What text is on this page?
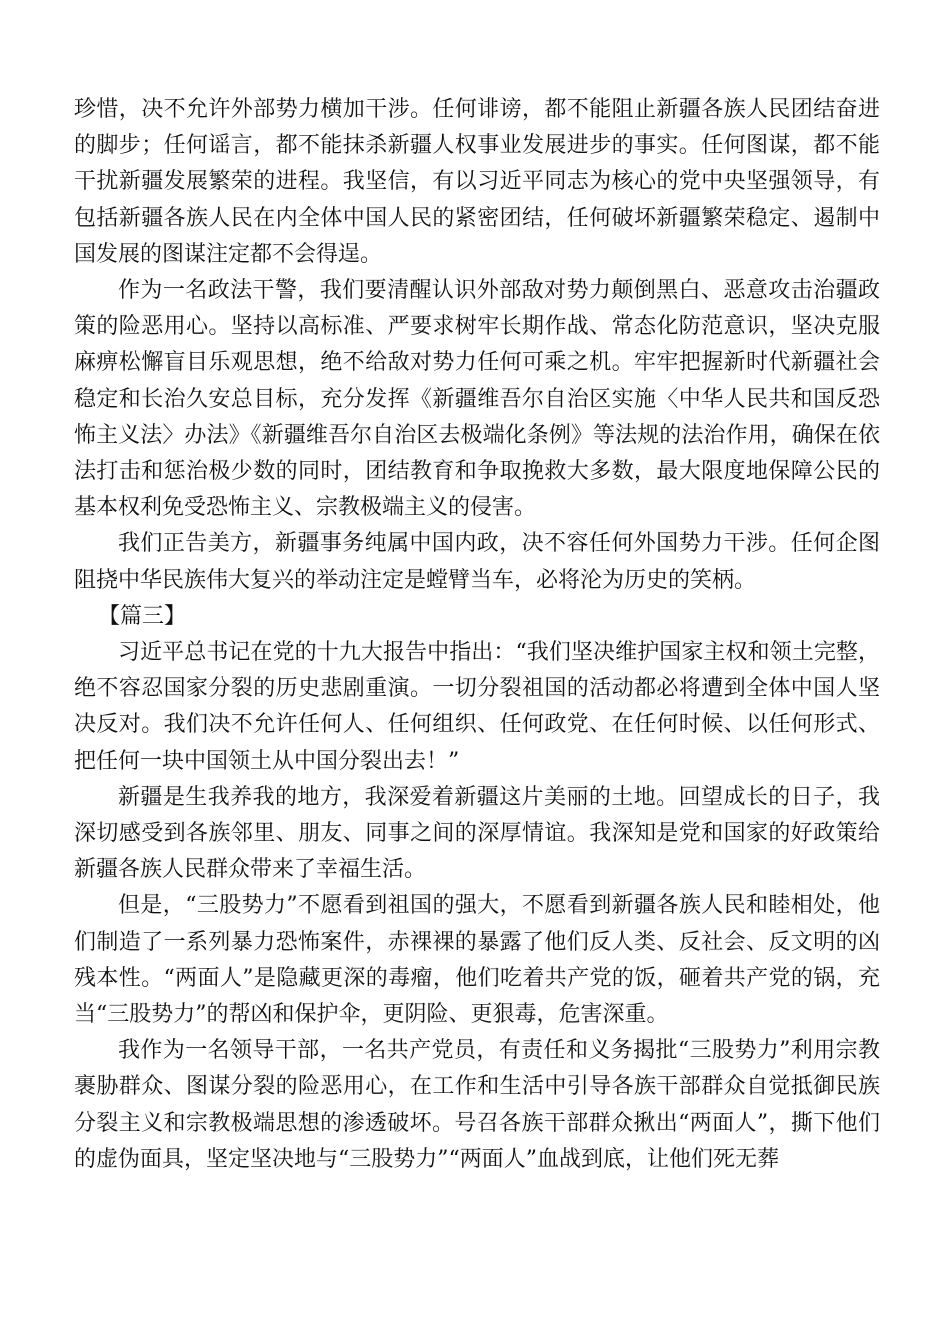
珍惜，决不允许外部势力横加干涉。任何诽谤，都不能阻止新疆各族人民团结奋进的脚步；任何谣言，都不能抹杀新疆人权事业发展进步的事实。任何图谋，都不能干扰新疆发展繁荣的进程。我坚信，有以习近平同志为核心的党中央坚强领导，有包括新疆各族人民在内全体中国人民的紧密团结，任何破坏新疆繁荣稳定、遏制中国发展的图谋注定都不会得逞。

作为一名政法干警，我们要清醒认识外部敌对势力颠倒黑白、恶意攻击治疆政策的险恶用心。坚持以高标准、严要求树牢长期作战、常态化防范意识，坚决克服麻痹松懈盲目乐观思想，绝不给敌对势力任何可乘之机。牢牢把握新时代新疆社会稳定和长治久安总目标，充分发挥《新疆维吾尔自治区实施〈中华人民共和国反恐怖主义法〉办法》《新疆维吾尔自治区去极端化条例》等法规的法治作用，确保在依法打击和惩治极少数的同时，团结教育和争取挽救大多数，最大限度地保障公民的基本权利免受恐怖主义、宗教极端主义的侵害。

我们正告美方，新疆事务纯属中国内政，决不容任何外国势力干涉。任何企图阻挠中华民族伟大复兴的举动注定是螳臂当车，必将沦为历史的笑柄。

【篇三】

习近平总书记在党的十九大报告中指出：“我们坚决维护国家主权和领土完整，绝不容忍国家分裂的历史悲剧重演。一切分裂祖国的活动都必将遭到全体中国人坚决反对。我们决不允许任何人、任何组织、任何政党、在任何时候、以任何形式、把任何一块中国领土从中国分裂出去！”

新疆是生我养我的地方，我深爱着新疆这片美丽的土地。回望成长的日子，我深切感受到各族邻里、朋友、同事之间的深厚情谊。我深知是党和国家的好政策给新疆各族人民群众带来了幸福生活。

但是，“三股势力”不愿看到祖国的强大，不愿看到新疆各族人民和睦相处，他们制造了一系列暴力恐怖案件，赤裸裸的暴露了他们反人类、反社会、反文明的凶残本性。“两面人”是隐藏更深的毒瘤，他们吃着共产党的饭，砸着共产党的锅，充当“三股势力”的帮凶和保护伞，更阴险、更狠毒，危害深重。

我作为一名领导干部，一名共产党员，有责任和义务揭批“三股势力”利用宗教裹胁群众、图谋分裂的险恶用心，在工作和生活中引导各族干部群众自觉抵御民族分裂主义和宗教极端思想的渗透破坏。号召各族干部群众揪出“两面人”，撕下他们的虚伪面具，坚定坚决地与“三股势力”“两面人”血战到底，让他们死无葬
